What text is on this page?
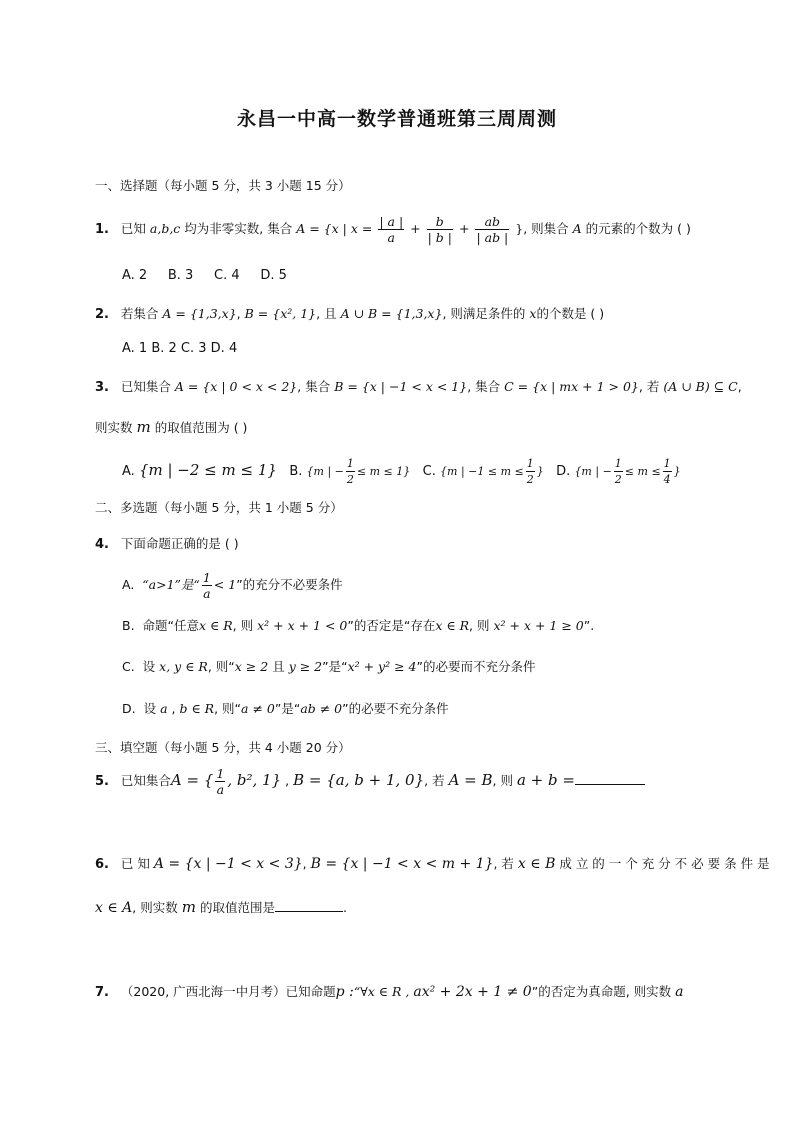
永昌一中高一数学普通班第三周周测
一、选择题（每小题 5 分，共 3 小题 15 分）
1. 已知 a,b,c 均为非零实数, 集合 A = {x | $x = \frac{| a |}{a} + \frac{b}{| b |} + \frac{ab}{| ab |}$ }, 则集合 A 的元素的个数为 ( )
A. 2 B. 3 C. 4 D. 5
2. 若集合 A = {1,3,x}, B = {x², 1}, 且 A ∪ B = {1,3,x}, 则满足条件的 x的个数是 ( )
A. 1 B. 2 C. 3 D. 4
3. 已知集合 A = {x | 0 < x < 2}, 集合 B = {x | −1 < x < 1}, 集合 C = {x | mx + 1 > 0}, 若 (A ∪ B) ⊆ C,
则实数 m 的取值范围为 ( )
A. {m | −2 ≤ m ≤ 1} B. {m | − $\frac{1}{2} \le m \le 1$} C. {m | $-1 \le m \le \frac{1}{2}$ } D. {m | − $\frac{1}{2} \le m \le \frac{1}{4}$ }
二、多选题（每小题 5 分，共 1 小题 5 分）
4. 下面命题正确的是 ( )
A. “a>1”是“ $\frac{1}{a} < 1$”的充分不必要条件
B. 命题“任意x ∈ R, 则 x² + x + 1 < 0”的否定是“存在x ∈ R, 则 x² + x + 1 ≥ 0”.
C. 设 x, y ∈ R, 则“x ≥ 2 且 y ≥ 2”是“x² + y² ≥ 4”的必要而不充分条件
D. 设 a , b ∈ R, 则“a ≠ 0”是“ab ≠ 0”的必要不充分条件
三、填空题（每小题 5 分，共 4 小题 20 分）
5. 已知集合A = { $\frac{1}{a}$ , b², 1} , B = {a, b + 1, 0}, 若 A = B, 则 a + b =
6. 已 知 A = {x | −1 < x < 3}, B = {x | −1 < x < m + 1}, 若 x ∈ B 成 立 的 一 个 充 分 不 必 要 条 件 是
x ∈ A, 则实数 m 的取值范围是	.
7. （2020, 广西北海一中月考）已知命题p :“∀x ∈ R , ax² + 2x + 1 ≠ 0”的否定为真命题, 则实数 a
